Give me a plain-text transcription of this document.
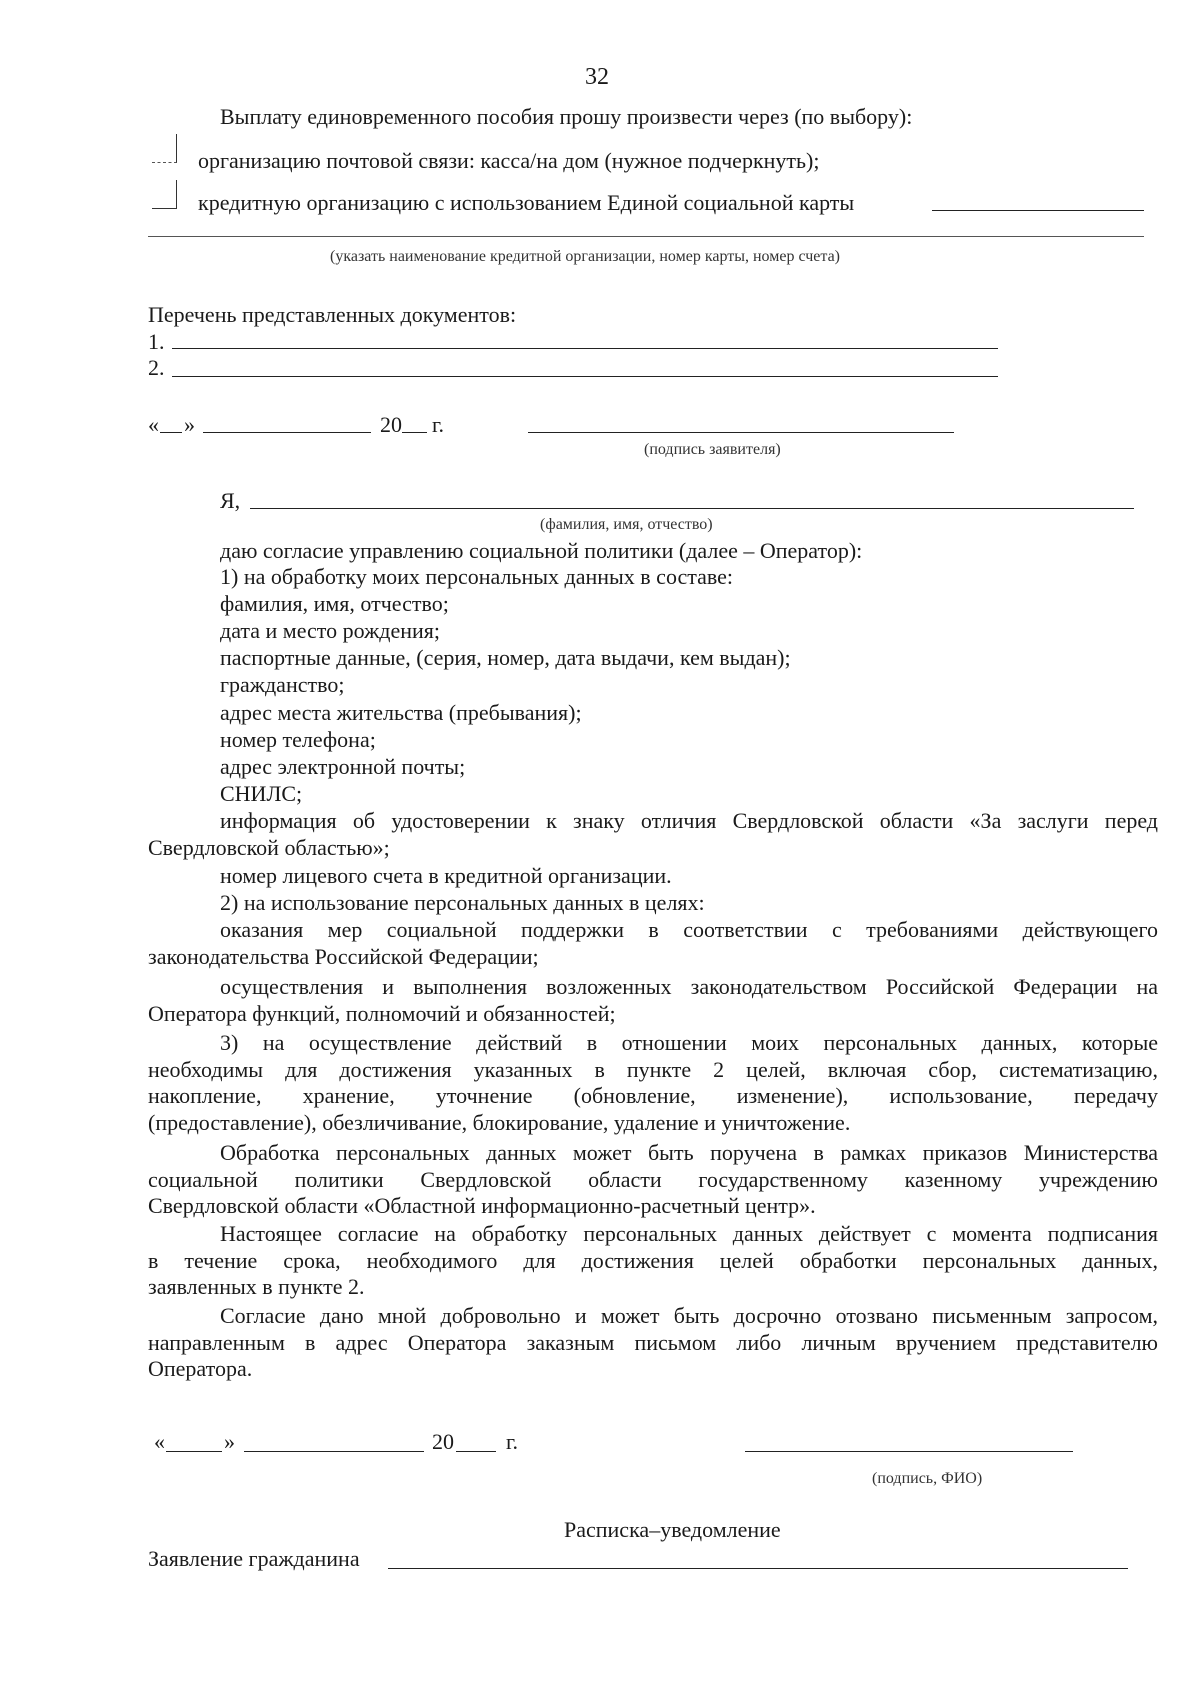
32
Выплату единовременного пособия прошу произвести через (по выбору):
организацию почтовой связи: касса/на дом (нужное подчеркнуть);
кредитную организацию с использованием Единой социальной карты
(указать наименование кредитной организации, номер карты, номер счета)
Перечень представленных документов:
1.
2.
« »	20 г.
(подпись заявителя)
Я,
(фамилия, имя, отчество)
даю согласие управлению социальной политики (далее – Оператор):
1) на обработку моих персональных данных в составе:
фамилия, имя, отчество;
дата и место рождения;
паспортные данные, (серия, номер, дата выдачи, кем выдан);
гражданство;
адрес места жительства (пребывания);
номер телефона;
адрес электронной почты;
СНИЛС;
информация об удостоверении к знаку отличия Свердловской области «За заслуги перед
Свердловской областью»;
номер лицевого счета в кредитной организации.
2) на использование персональных данных в целях:
оказания мер социальной поддержки в соответствии с требованиями действующего
законодательства Российской Федерации;
осуществления и выполнения возложенных законодательством Российской Федерации на
Оператора функций, полномочий и обязанностей;
3) на осуществление действий в отношении моих персональных данных, которые
необходимы для достижения указанных в пункте 2 целей, включая сбор, систематизацию,
накопление, хранение, уточнение (обновление, изменение), использование, передачу
(предоставление), обезличивание, блокирование, удаление и уничтожение.
Обработка персональных данных может быть поручена в рамках приказов Министерства
социальной политики Свердловской области государственному казенному учреждению
Свердловской области «Областной информационно-расчетный центр».
Настоящее согласие на обработку персональных данных действует с момента подписания
в течение срока, необходимого для достижения целей обработки персональных данных,
заявленных в пункте 2.
Согласие дано мной добровольно и может быть досрочно отозвано письменным запросом,
направленным в адрес Оператора заказным письмом либо личным вручением представителю
Оператора.
«	»	20 г.
(подпись, ФИО)
Расписка–уведомление
Заявление гражданина
